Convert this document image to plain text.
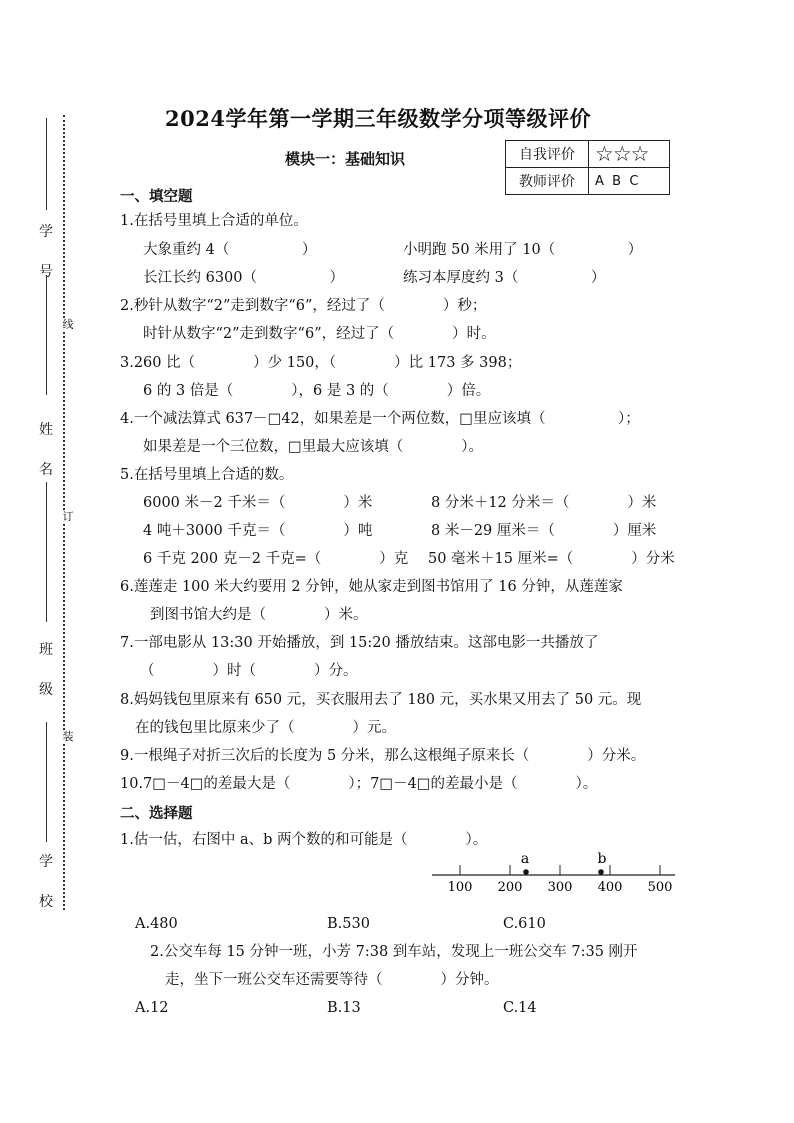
学

号
姓

名
班

级
学

校
线
订
装
2024学年第一学期三年级数学分项等级评价
模块一：基础知识	自我评价	☆☆☆
教师评价	A  B  C
一、填空题
1.在括号里填上合适的单位。
大象重约 4（　　　　　）	小明跑 50 米用了 10（　　　　　）
长江长约 6300（　　　　　）	练习本厚度约 3（　　　　　）
2.秒针从数字“2”走到数字“6”，经过了（　　　　）秒；
时针从数字“2”走到数字“6”，经过了（　　　　）时。
3.260 比（　　　　）少 150，（　　　　）比 173 多 398；
6 的 3 倍是（　　　　），6 是 3 的（　　　　）倍。
4.一个减法算式 637－□42，如果差是一个两位数，□里应该填（　　　　　）；
如果差是一个三位数，□里最大应该填（　　　　）。
5.在括号里填上合适的数。
6000 米－2 千米＝（　　　　）米	8 分米＋12 分米＝（　　　　）米
4 吨＋3000 千克＝（　　　　）吨	8 米－29 厘米＝（　　　　）厘米
6 千克 200 克－2 千克=（　　　　）克 50 毫米＋15 厘米=（　　　　）分米
6.莲莲走 100 米大约要用 2 分钟，她从家走到图书馆用了 16 分钟，从莲莲家
到图书馆大约是（　　　　）米。
7.一部电影从 13:30 开始播放，到 15:20 播放结束。这部电影一共播放了
（　　　　）时（　　　　）分。
8.妈妈钱包里原来有 650 元，买衣服用去了 180 元，买水果又用去了 50 元。现
在的钱包里比原来少了（　　　　）元。
9.一根绳子对折三次后的长度为 5 分米，那么这根绳子原来长（　　　　）分米。
10.7□－4□的差最大是（　　　　）；7□－4□的差最小是（　　　　）。
二、选择题
1.估一估，右图中 a、b 两个数的和可能是（　　　　）。
a	b
100 200 300 400 500
A.480	B.530	C.610
2.公交车每 15 分钟一班，小芳 7:38 到车站，发现上一班公交车 7:35 刚开
走，坐下一班公交车还需要等待（　　　　）分钟。
A.12	B.13	C.14
